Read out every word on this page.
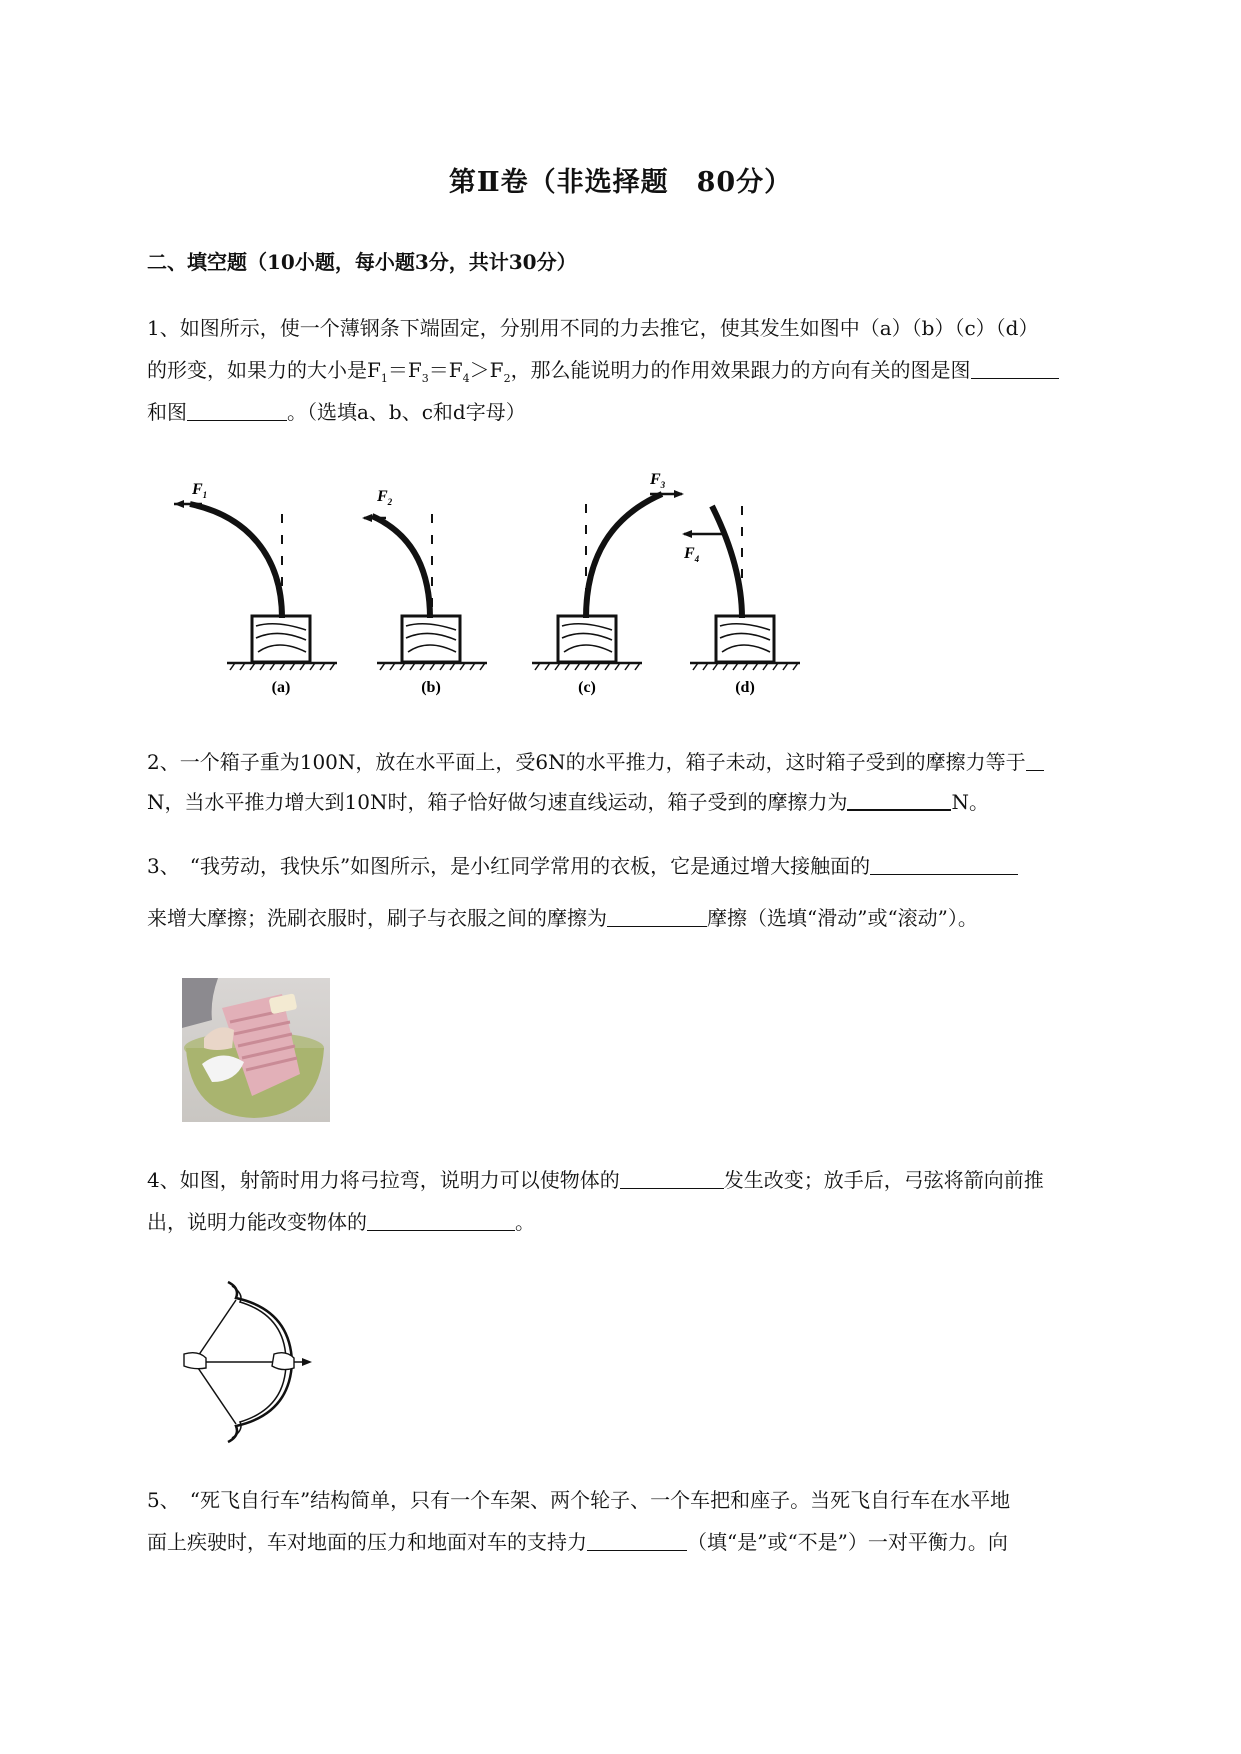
第Ⅱ卷（非选择题　80分）
二、填空题（10小题，每小题3分，共计30分）
1、如图所示，使一个薄钢条下端固定，分别用不同的力去推它，使其发生如图中（a）（b）（c）（d）
的形变，如果力的大小是$F_1=F_3=F_4>F_2$，那么能说明力的作用效果跟力的方向有关的图是图
和图	。（选填a、b、c和d字母）
$F_1$
(a)
$F_2$
(b)
$F_3$
(c)
$F_4$
(d)
2、一个箱子重为100N，放在水平面上，受6N的水平推力，箱子未动，这时箱子受到的摩擦力等于
N，当水平推力增大到10N时，箱子恰好做匀速直线运动，箱子受到的摩擦力为	N。
3、　“我劳动，我快乐”如图所示，是小红同学常用的衣板，它是通过增大接触面的
来增大摩擦；洗刷衣服时，刷子与衣服之间的摩擦为	摩擦（选填“滑动”或“滚动”）。
4、如图，射箭时用力将弓拉弯，说明力可以使物体的	发生改变；放手后，弓弦将箭向前推
出，说明力能改变物体的	。
5、　“死飞自行车”结构简单，只有一个车架、两个轮子、一个车把和座子。当死飞自行车在水平地
面上疾驶时，车对地面的压力和地面对车的支持力	（填“是”或“不是”）一对平衡力。向
